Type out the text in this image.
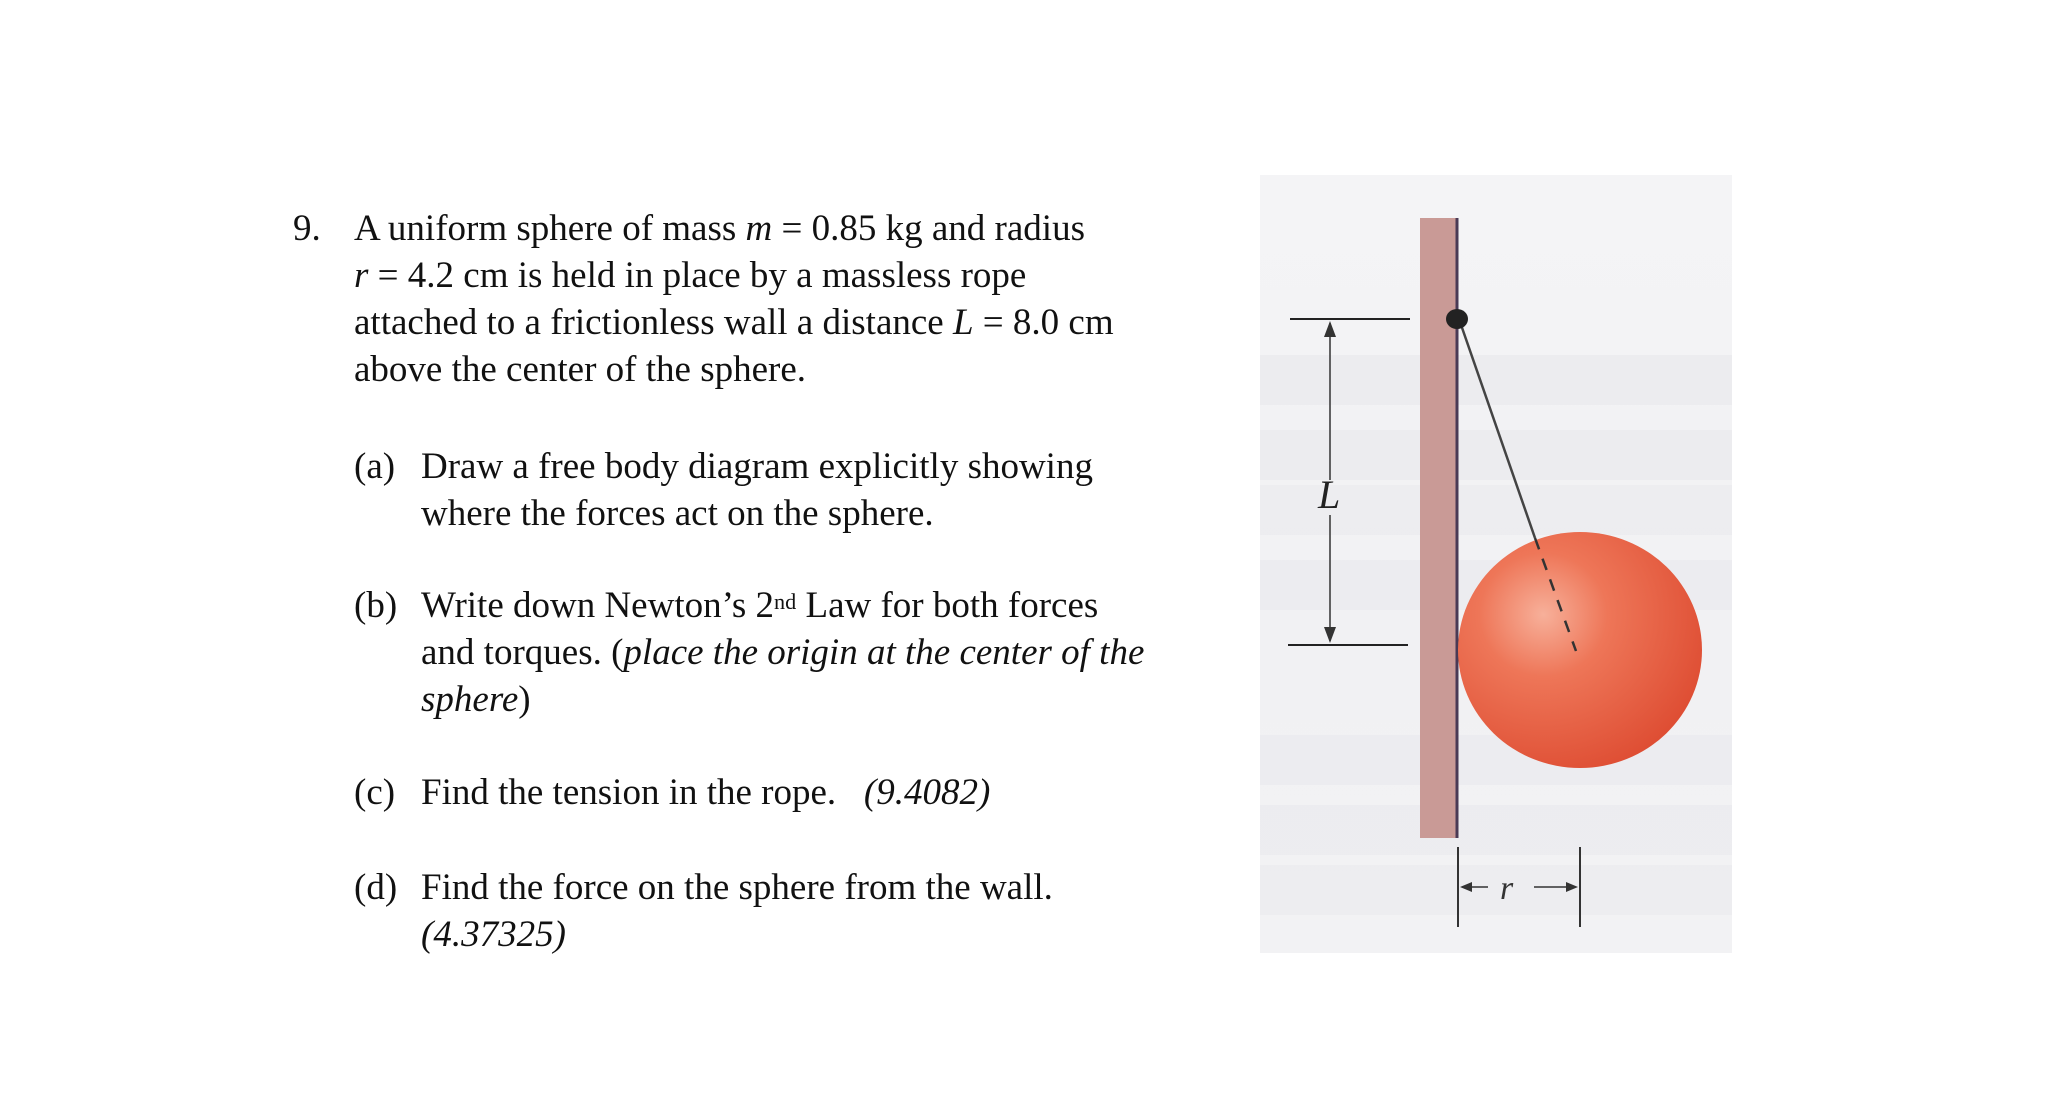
9. A uniform sphere of mass m = 0.85 kg and radius
r = 4.2 cm is held in place by a massless rope
attached to a frictionless wall a distance L = 8.0 cm
above the center of the sphere.
(a) Draw a free body diagram explicitly showing
where the forces act on the sphere.
(b) Write down Newton’s 2nd Law for both forces
and torques. (place the origin at the center of the
sphere)
(c) Find the tension in the rope. (9.4082)
(d) Find the force on the sphere from the wall.
(4.37325)
L
r
